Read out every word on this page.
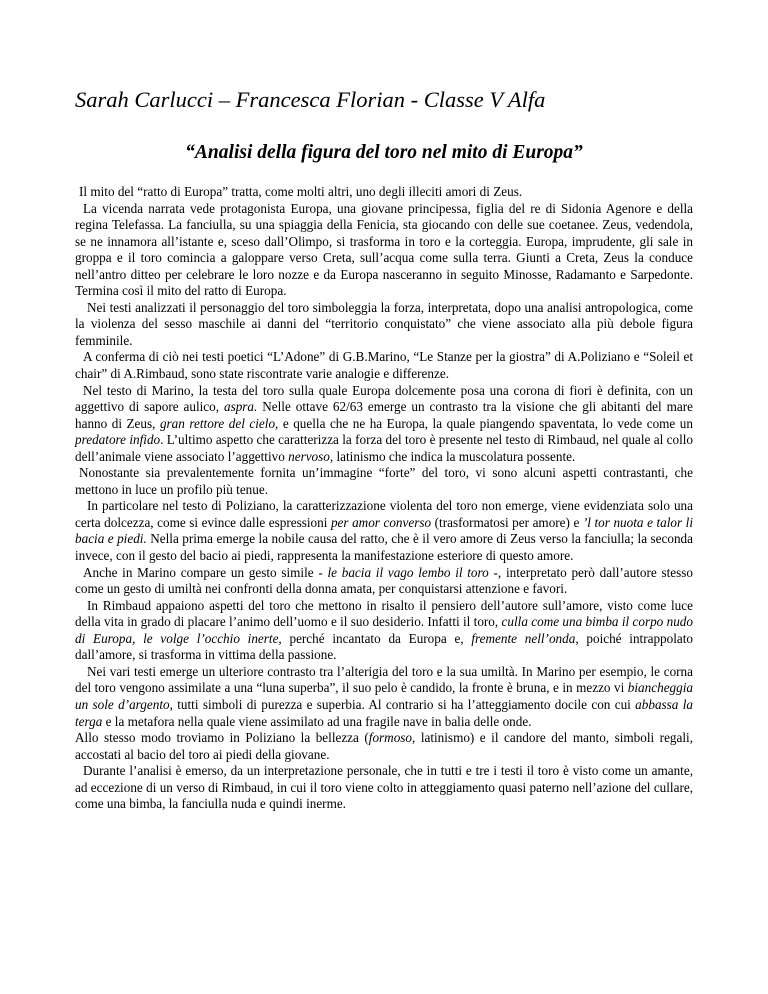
Sarah Carlucci – Francesca Florian - Classe V Alfa
“Analisi della figura del toro nel mito di Europa”

Il mito del “ratto di Europa” tratta, come molti altri, uno degli illeciti amori di Zeus.

La vicenda narrata vede protagonista Europa, una giovane principessa, figlia del re di Sidonia Agenore e della regina Telefassa. La fanciulla, su una spiaggia della Fenicia, sta giocando con delle sue coetanee. Zeus, vedendola, se ne innamora all’istante e, sceso dall’Olimpo, si trasforma in toro e la corteggia. Europa, imprudente, gli sale in groppa e il toro comincia a galoppare verso Creta, sull’acqua come sulla terra. Giunti a Creta, Zeus la conduce nell’antro ditteo per celebrare le loro nozze e da Europa nasceranno in seguito Minosse, Radamanto e Sarpedonte. Termina così il mito del ratto di Europa.

Nei testi analizzati il personaggio del toro simboleggia la forza, interpretata, dopo una analisi antropologica, come la violenza del sesso maschile ai danni del “territorio conquistato” che viene associato alla più debole figura femminile.

A conferma di ciò nei testi poetici “L’Adone” di G.B.Marino, “Le Stanze per la giostra” di A.Poliziano e “Soleil et chair” di A.Rimbaud, sono state riscontrate varie analogie e differenze.

Nel testo di Marino, la testa del toro sulla quale Europa dolcemente posa una corona di fiori è definita, con un aggettivo di sapore aulico, aspra. Nelle ottave 62/63 emerge un contrasto tra la visione che gli abitanti del mare hanno di Zeus, gran rettore del cielo, e quella che ne ha Europa, la quale piangendo spaventata, lo vede come un predatore infido. L’ultimo aspetto che caratterizza la forza del toro è presente nel testo di Rimbaud, nel quale al collo dell’animale viene associato l’aggettivo nervoso, latinismo che indica la muscolatura possente.

Nonostante sia prevalentemente fornita un’immagine “forte” del toro, vi sono alcuni aspetti contrastanti, che mettono in luce un profilo più tenue.

In particolare nel testo di Poliziano, la caratterizzazione violenta del toro non emerge, viene evidenziata solo una certa dolcezza, come si evince dalle espressioni per amor converso (trasformatosi per amore) e ’l tor nuota e talor li bacia e piedi. Nella prima emerge la nobile causa del ratto, che è il vero amore di Zeus verso la fanciulla; la seconda invece, con il gesto del bacio ai piedi, rappresenta la manifestazione esteriore di questo amore.

Anche in Marino compare un gesto simile - le bacia il vago lembo il toro -, interpretato però dall’autore stesso come un gesto di umiltà nei confronti della donna amata, per conquistarsi attenzione e favori.

In Rimbaud appaiono aspetti del toro che mettono in risalto il pensiero dell’autore sull’amore, visto come luce della vita in grado di placare l’animo dell’uomo e il suo desiderio. Infatti il toro, culla come una bimba il corpo nudo di Europa, le volge l’occhio inerte, perché incantato da Europa e, fremente nell’onda, poiché intrappolato dall’amore, si trasforma in vittima della passione.

Nei vari testi emerge un ulteriore contrasto tra l’alterigia del toro e la sua umiltà. In Marino per esempio, le corna del toro vengono assimilate a una “luna superba”, il suo pelo è candido, la fronte è bruna, e in mezzo vi biancheggia un sole d’argento, tutti simboli di purezza e superbia. Al contrario si ha l’atteggiamento docile con cui abbassa la terga e la metafora nella quale viene assimilato ad una fragile nave in balia delle onde.

Allo stesso modo troviamo in Poliziano la bellezza (formoso, latinismo) e il candore del manto, simboli regali, accostati al bacio del toro ai piedi della giovane.

Durante l’analisi è emerso, da un interpretazione personale, che in tutti e tre i testi il toro è visto come un amante, ad eccezione di un verso di Rimbaud, in cui il toro viene colto in atteggiamento quasi paterno nell’azione del cullare, come una bimba, la fanciulla nuda e quindi inerme.
